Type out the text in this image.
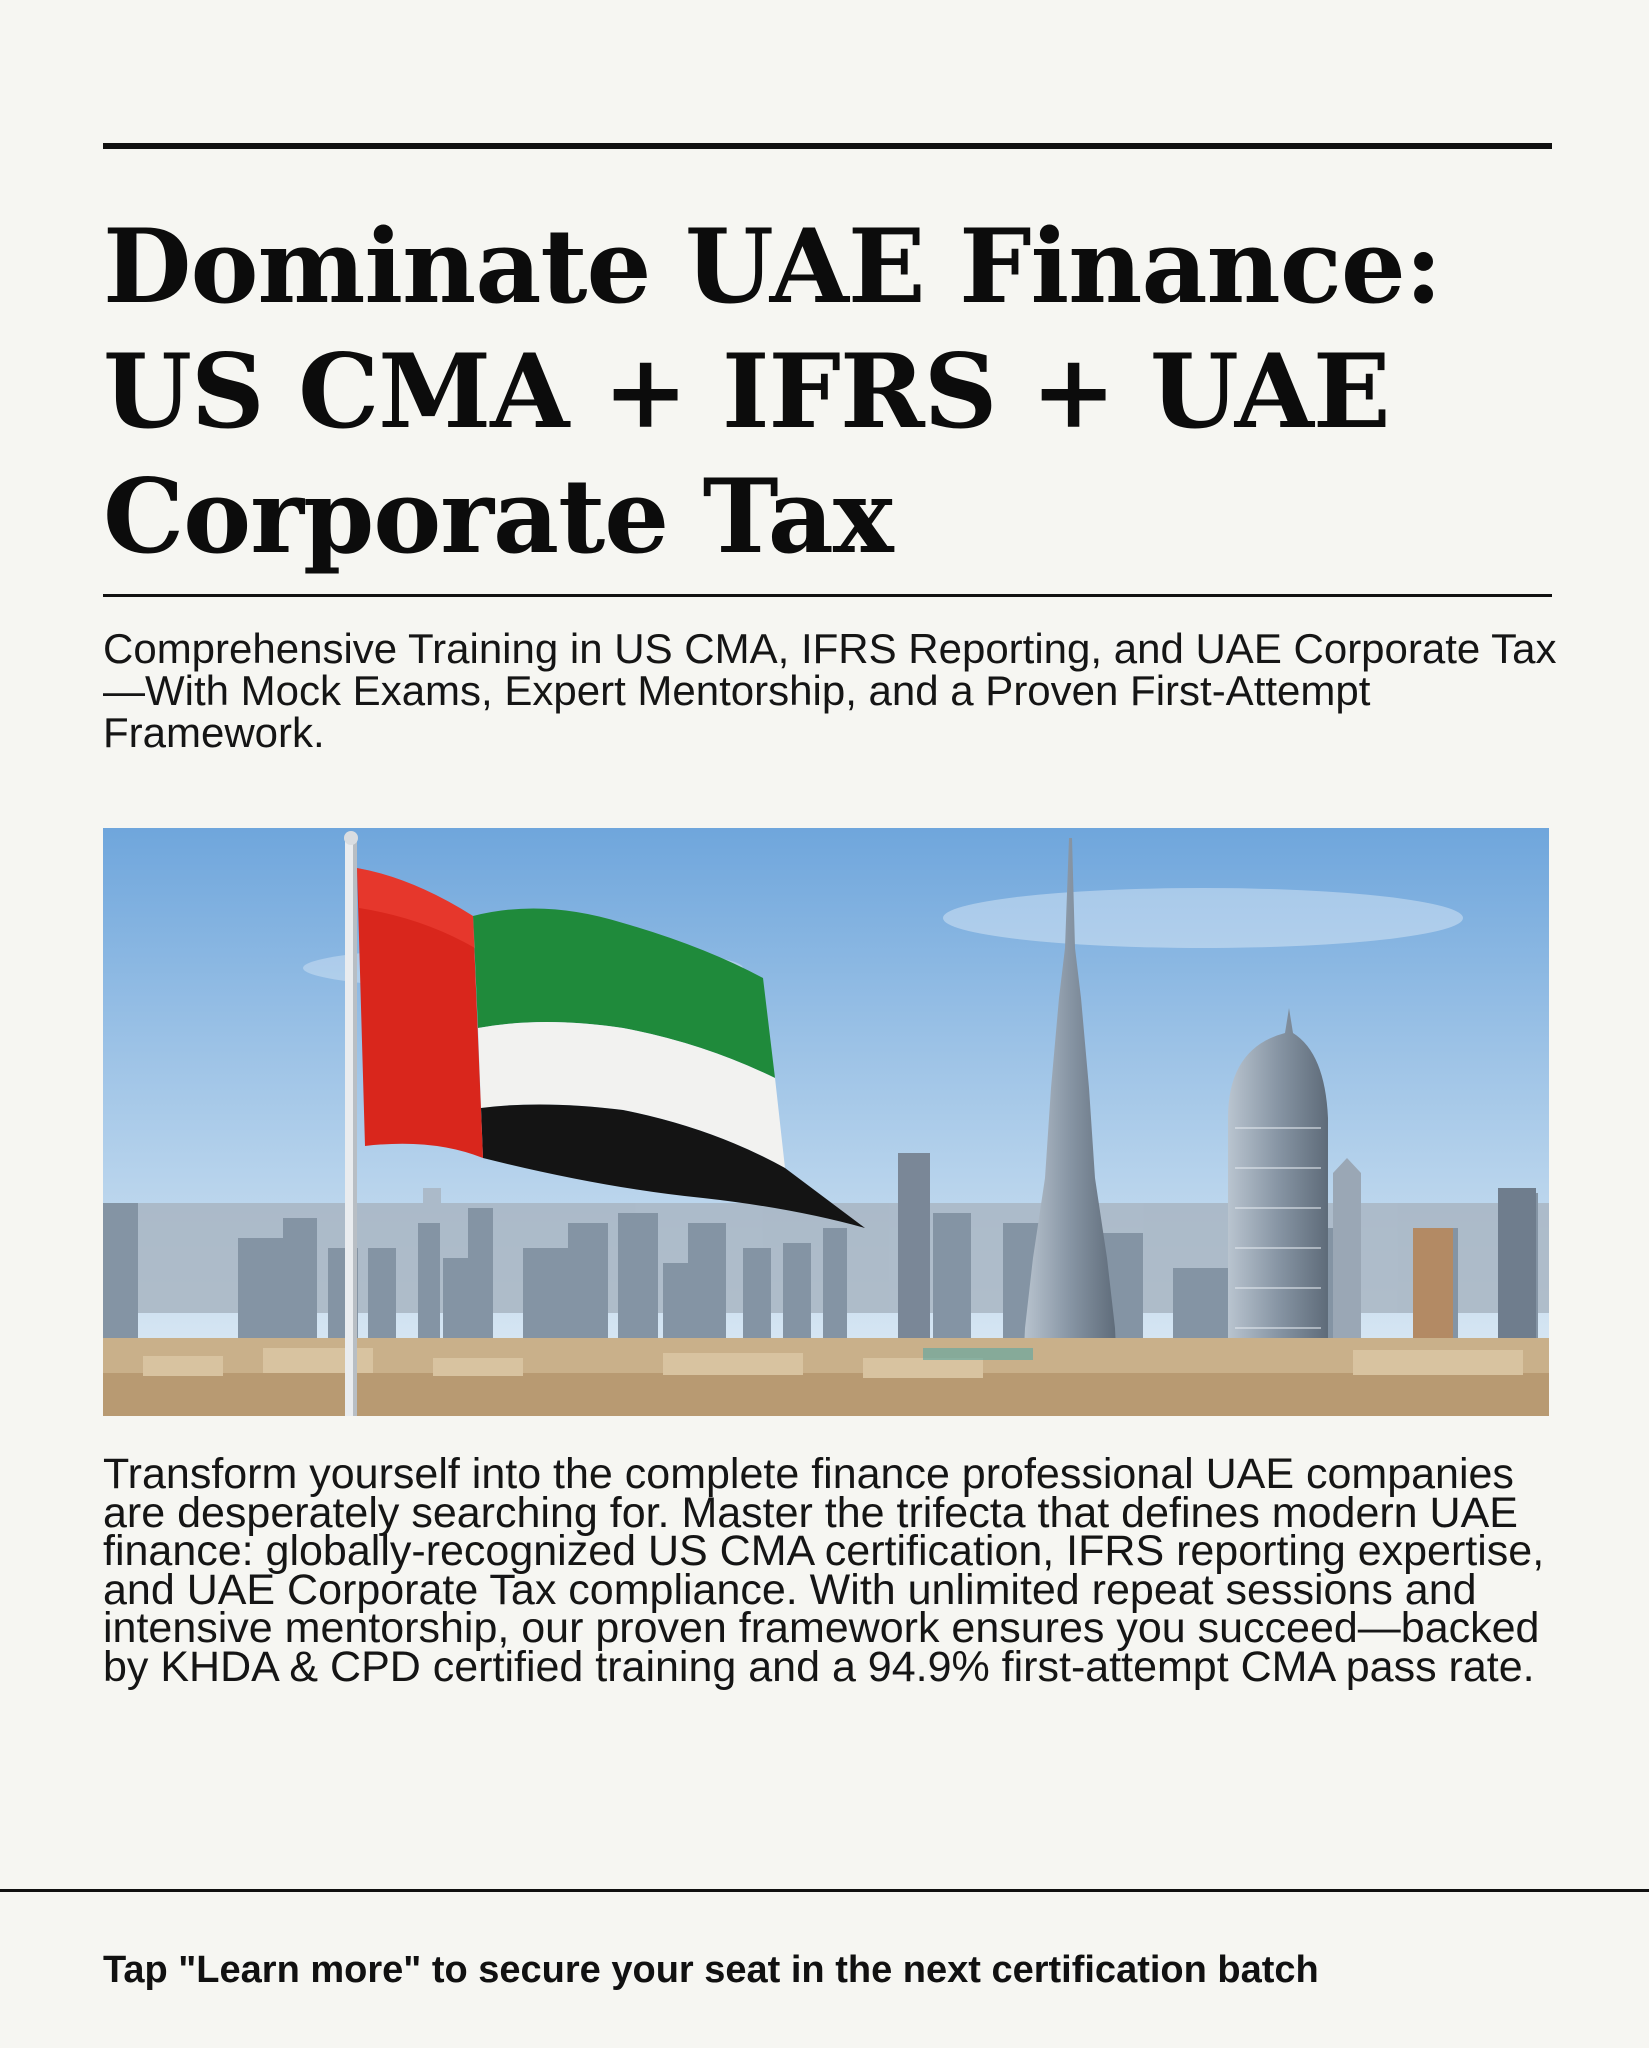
Dominate UAE Finance:
US CMA + IFRS + UAE
Corporate Tax

Comprehensive Training in US CMA, IFRS Reporting, and UAE Corporate Tax—With Mock Exams, Expert Mentorship, and a Proven First-Attempt Framework.

Transform yourself into the complete finance professional UAE companies are desperately searching for. Master the trifecta that defines modern UAE finance: globally-recognized US CMA certification, IFRS reporting expertise, and UAE Corporate Tax compliance. With unlimited repeat sessions and intensive mentorship, our proven framework ensures you succeed—backed by KHDA & CPD certified training and a 94.9% first-attempt CMA pass rate.

Tap "Learn more" to secure your seat in the next certification batch
